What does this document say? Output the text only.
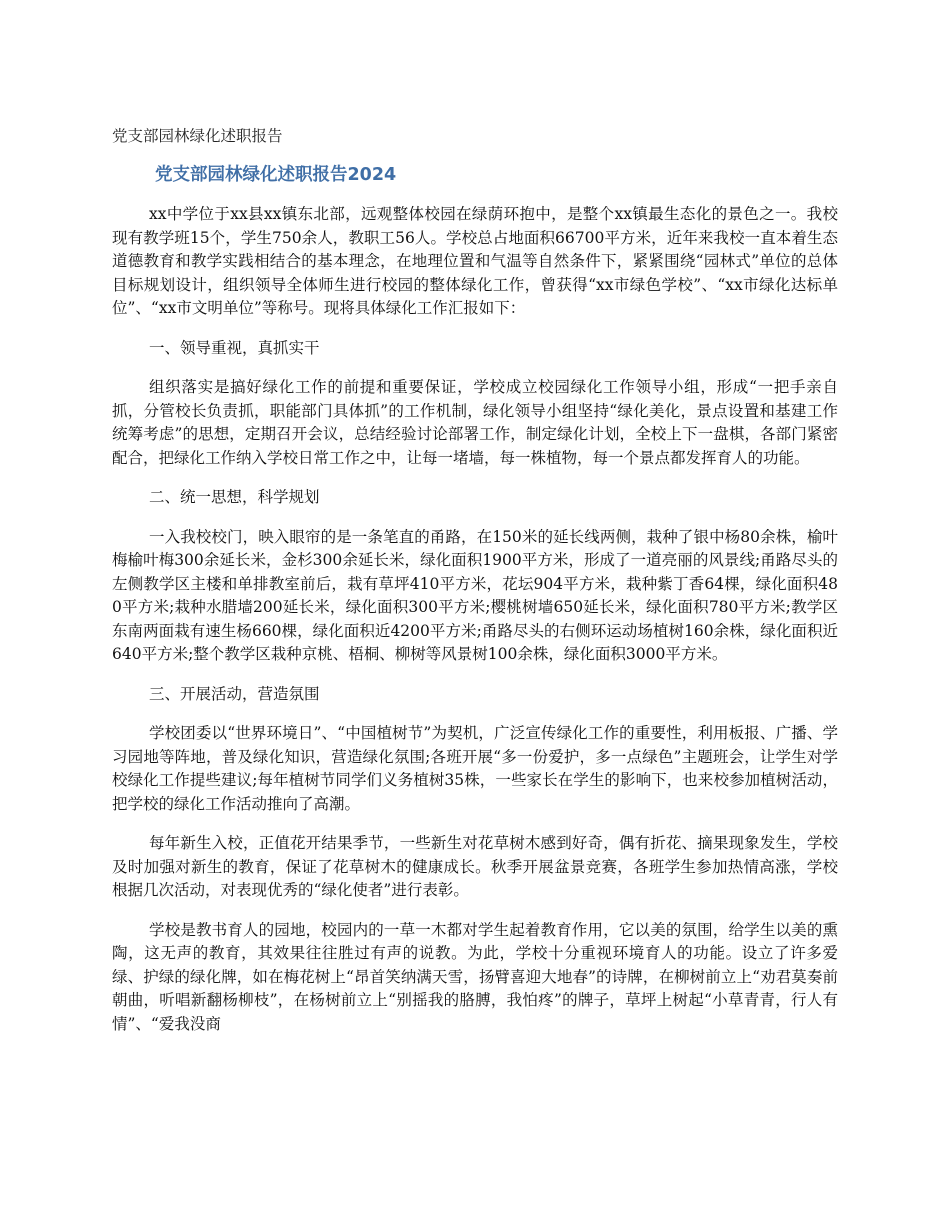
党支部园林绿化述职报告
党支部园林绿化述职报告2024

xx中学位于xx县xx镇东北部，远观整体校园在绿荫环抱中，是整个xx镇最生态化的景色之一。我校现有教学班15个，学生750余人，教职工56人。学校总占地面积66700平方米，近年来我校一直本着生态道德教育和教学实践相结合的基本理念，在地理位置和气温等自然条件下，紧紧围绕“园林式”单位的总体目标规划设计，组织领导全体师生进行校园的整体绿化工作，曾获得“xx市绿色学校”、“xx市绿化达标单位”、“xx市文明单位”等称号。现将具体绿化工作汇报如下：

一、领导重视，真抓实干

组织落实是搞好绿化工作的前提和重要保证，学校成立校园绿化工作领导小组，形成“一把手亲自抓，分管校长负责抓，职能部门具体抓”的工作机制，绿化领导小组坚持“绿化美化，景点设置和基建工作统筹考虑”的思想，定期召开会议，总结经验讨论部署工作，制定绿化计划，全校上下一盘棋，各部门紧密配合，把绿化工作纳入学校日常工作之中，让每一堵墙，每一株植物，每一个景点都发挥育人的功能。

二、统一思想，科学规划

一入我校校门，映入眼帘的是一条笔直的甬路，在150米的延长线两侧，栽种了银中杨80余株，榆叶梅榆叶梅300余延长米，金杉300余延长米，绿化面积1900平方米，形成了一道亮丽的风景线;甬路尽头的左侧教学区主楼和单排教室前后，栽有草坪410平方米，花坛904平方米，栽种紫丁香64棵，绿化面积480平方米;栽种水腊墙200延长米，绿化面积300平方米;樱桃树墙650延长米，绿化面积780平方米;教学区东南两面栽有速生杨660棵，绿化面积近4200平方米;甬路尽头的右侧环运动场植树160余株，绿化面积近640平方米;整个教学区栽种京桃、梧桐、柳树等风景树100余株，绿化面积3000平方米。

三、开展活动，营造氛围

学校团委以“世界环境日”、“中国植树节”为契机，广泛宣传绿化工作的重要性，利用板报、广播、学习园地等阵地，普及绿化知识，营造绿化氛围;各班开展“多一份爱护，多一点绿色”主题班会，让学生对学校绿化工作提些建议;每年植树节同学们义务植树35株，一些家长在学生的影响下，也来校参加植树活动，把学校的绿化工作活动推向了高潮。

每年新生入校，正值花开结果季节，一些新生对花草树木感到好奇，偶有折花、摘果现象发生，学校及时加强对新生的教育，保证了花草树木的健康成长。秋季开展盆景竞赛，各班学生参加热情高涨，学校根据几次活动，对表现优秀的“绿化使者”进行表彰。

学校是教书育人的园地，校园内的一草一木都对学生起着教育作用，它以美的氛围，给学生以美的熏陶，这无声的教育，其效果往往胜过有声的说教。为此，学校十分重视环境育人的功能。设立了许多爱绿、护绿的绿化牌，如在梅花树上“昂首笑纳满天雪，扬臂喜迎大地春”的诗牌，在柳树前立上“劝君莫奏前朝曲，听唱新翻杨柳枝”，在杨树前立上“别摇我的胳膊，我怕疼”的牌子，草坪上树起“小草青青，行人有情”、“爱我没商
